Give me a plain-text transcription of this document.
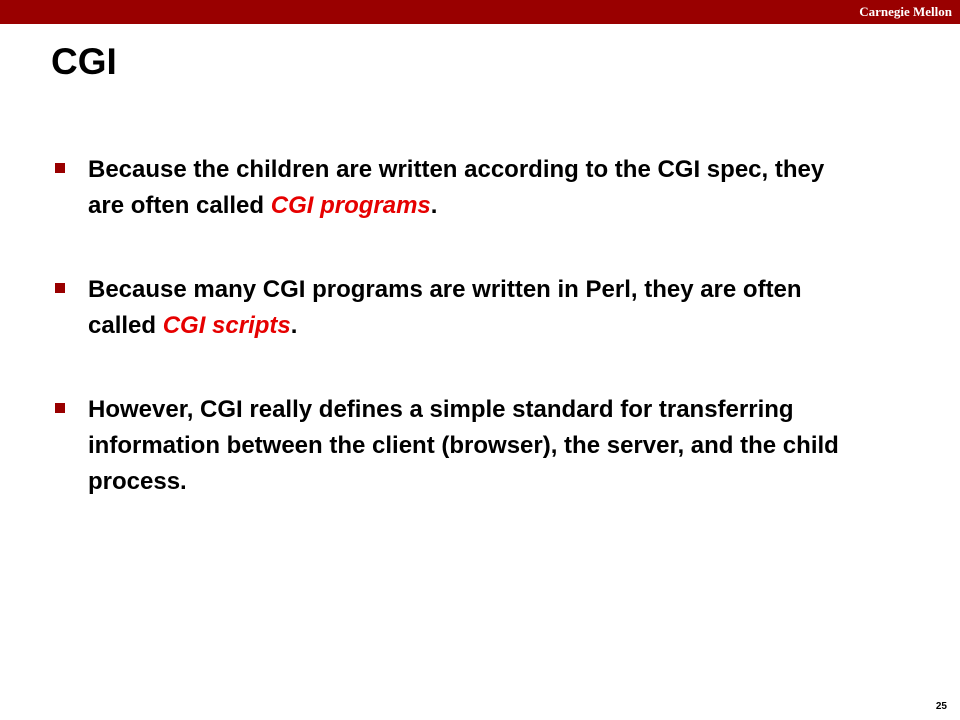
Carnegie Mellon
CGI
Because the children are written according to the CGI spec, they are often called CGI programs.
Because many CGI programs are written in Perl, they are often called CGI scripts.
However, CGI really defines a simple standard for transferring information between the client (browser), the server, and the child process.
25
